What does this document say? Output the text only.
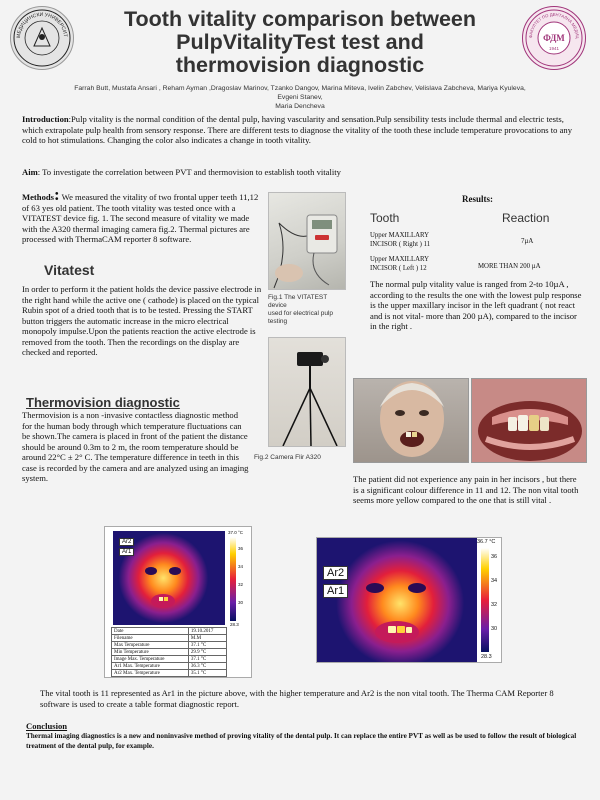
МЕДИЦИНСКИ УНИВЕРСИТ	ФДМ
1941
ФАКУЛТЕТ ПО ДЕНТАЛНА МЕДИЦ
Tooth vitality comparison between
PulpVitalityTest test and
thermovision diagnostic
Farrah Butt, Mustafa Ansari , Reham Ayman ,Dragoslav Marinov, Tzanko Dangov, Marina Miteva, Ivelin Zabchev, Velislava Zabcheva, Mariya Kyuleva, Evgeni Stanev,
Maria Dencheva
Introduction:Pulp vitality is the normal condition of the dental pulp, having vascularity and sensation.Pulp sensibility tests include thermal and electric tests, which extrapolate pulp health from sensory response. There are different tests to diagnose the vitality of the tooth these include temperature provocations to any cold to hot stimulations. Changing the color also indicates a change in tooth vitality.
Aim: To investigate the correlation between PVT and thermovision to establish tooth vitality
Methods: We measured the vitality of two frontal upper teeth 11,12 of 63 yes old patient. The tooth vitality was tested once with a VITATEST device fig. 1. The second measure of vitality we made with the A320 thermal imaging camera fig.2. Thermal pictures are processed with ThermaCAM reporter 8 software.
Vitatest
In order to perform it the patient holds the device passive electrode in the right hand while the active one ( cathode) is placed on the typical Rubin spot of a dried tooth that is to be tested. Pressing the START button triggers the automatic increase in the micro electrical monopoly impulse.Upon the patients reaction the active electrode is removed from the tooth. Then the recordings on the display are checked and reported.
Thermovision diagnostic
Thermovision is a non -invasive contactless diagnostic method for the human body through which temperature fluctuations can be shown.The camera is placed in front of the patient the distance should be around 0.3m to 2 m, the room temperature should be around 22°C ± 2° C. The temperature difference in teeth in this case is recorded by the camera and are analyzed using an imaging system.
Fig.1 The VITATEST
device
used for electrical pulp
testing
Fig.2 Camera Flir A320
Results:
Tooth	Reaction
Upper MAXILLARY
INCISOR ( Right ) 11	7µA
Upper MAXILLARY
INCISOR ( Left ) 12	MORE THAN 200 µA
The normal pulp vitality value is ranged from 2-to 10µA , according to the results the one with the lowest pulp response is the upper maxillary incisor in the left quadrant ( not react and is not vital- more than 200 µA), compared to the incisor in the right .
The patient did not experience any pain in her incisors , but there is a significant colour difference in 11 and 12. The non vital tooth seems more yellow compared to the one that is still vital .
Ar2
Ar1
37.0 °C
36
34
32
30
28.3
Date	19.10.2017
Filename	M.M
Max Temperature	37.1 °C
Min Temperature	29.9 °C
Image Max. Temperature	37.1 °C
Ar1 Max. Temperature	36.3 °C
Ar2 Max. Temperature	35.1 °C
Ar2
Ar1
36.7 °C
36
34
32
30
28.3
The vital tooth is 11 represented as Ar1 in the picture above, with the higher temperature and Ar2 is the non vital tooth. The Therma CAM Reporter 8 software is used to create a table format diagnostic report.
Conclusion
Thermal imaging diagnostics is a new and noninvasive method of proving vitality of the dental pulp. It can replace the entire PVT as well as be used to follow the result of biological treatment of the dental pulp, for example.
